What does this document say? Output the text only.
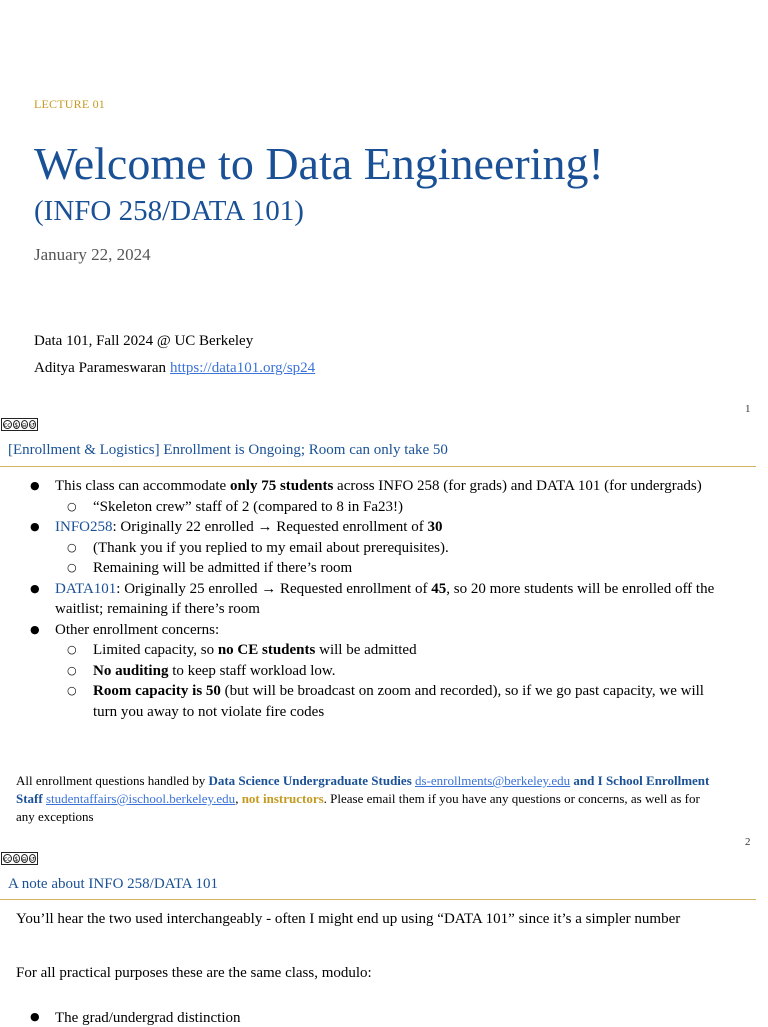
LECTURE 01
Welcome to Data Engineering!
(INFO 258/DATA 101)
January 22, 2024
Data 101, Fall 2024 @ UC Berkeley
Aditya Parameswaran https://data101.org/sp24
cc $ ⊖ ↺
1
[Enrollment & Logistics] Enrollment is Ongoing; Room can only take 50
● This class can accommodate only 75 students across INFO 258 (for grads) and DATA 101 (for undergrads)
○ “Skeleton crew” staff of 2 (compared to 8 in Fa23!)
● INFO258: Originally 22 enrolled → Requested enrollment of 30
○ (Thank you if you replied to my email about prerequisites).
○ Remaining will be admitted if there’s room
● DATA101: Originally 25 enrolled → Requested enrollment of 45, so 20 more students will be enrolled off the waitlist; remaining if there’s room
● Other enrollment concerns:
○ Limited capacity, so no CE students will be admitted
○ No auditing to keep staff workload low.
○ Room capacity is 50 (but will be broadcast on zoom and recorded), so if we go past capacity, we will turn you away to not violate fire codes
All enrollment questions handled by Data Science Undergraduate Studies ds-enrollments@berkeley.edu and I School Enrollment Staff studentaffairs@ischool.berkeley.edu, not instructors. Please email them if you have any questions or concerns, as well as for any exceptions
cc $ ⊖ ↺
2
A note about INFO 258/DATA 101

You’ll hear the two used interchangeably - often I might end up using “DATA 101” since it’s a simpler number

For all practical purposes these are the same class, modulo:

● The grad/undergrad distinction
